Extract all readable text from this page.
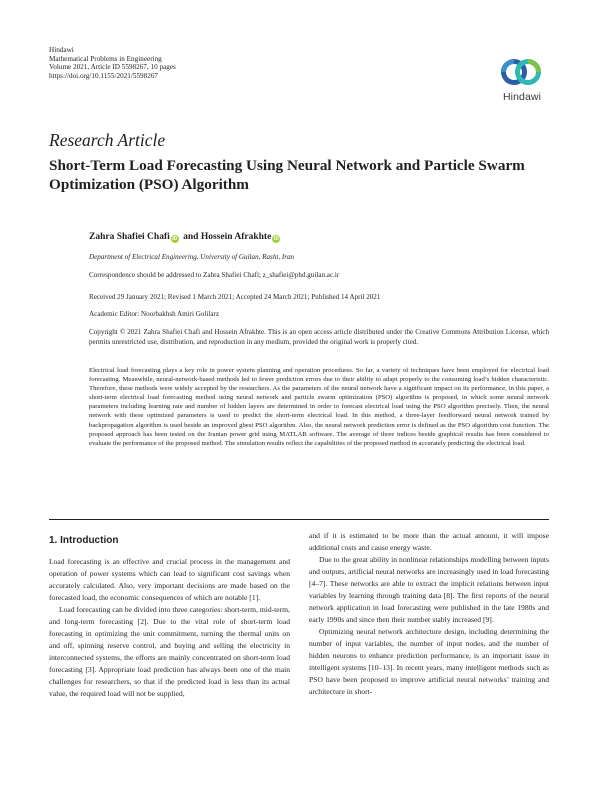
Hindawi
Mathematical Problems in Engineering
Volume 2021, Article ID 5598267, 10 pages
https://doi.org/10.1155/2021/5598267
Hindawi
Research Article
Short-Term Load Forecasting Using Neural Network and Particle Swarm Optimization (PSO) Algorithm
Zahra Shafiei Chafi iD and Hossein Afrakhte iD
Department of Electrical Engineering, University of Guilan, Rasht, Iran
Correspondence should be addressed to Zahra Shafiei Chafi; z_shafiei@phd.guilan.ac.ir
Received 29 January 2021; Revised 1 March 2021; Accepted 24 March 2021; Published 14 April 2021
Academic Editor: Noorbakhsh Amiri Golilarz
Copyright © 2021 Zahra Shafiei Chafi and Hossein Afrakhte. This is an open access article distributed under the Creative Commons Attribution License, which permits unrestricted use, distribution, and reproduction in any medium, provided the original work is properly cited.
Electrical load forecasting plays a key role in power system planning and operation procedures. So far, a variety of techniques have been employed for electrical load forecasting. Meanwhile, neural-network-based methods led to fewer prediction errors due to their ability to adapt properly to the consuming load’s hidden characteristic. Therefore, these methods were widely accepted by the researchers. As the parameters of the neural network have a significant impact on its performance, in this paper, a short-term electrical load forecasting method using neural network and particle swarm optimization (PSO) algorithm is proposed, in which some neural network parameters including learning rate and number of hidden layers are determined in order to forecast electrical load using the PSO algorithm precisely. Then, the neural network with these optimized parameters is used to predict the short-term electrical load. In this method, a three-layer feedforward neural network trained by backpropagation algorithm is used beside an improved gbest PSO algorithm. Also, the neural network prediction error is defined as the PSO algorithm cost function. The proposed approach has been tested on the Iranian power grid using MATLAB software. The average of three indices beside graphical results has been considered to evaluate the performance of the proposed method. The simulation results reflect the capabilities of the proposed method in accurately predicting the electrical load.
1. Introduction

Load forecasting is an effective and crucial process in the management and operation of power systems which can lead to significant cost savings when accurately calculated. Also, very important decisions are made based on the forecasted load, the economic consequences of which are notable [1].

Load forecasting can be divided into three categories: short-term, mid-term, and long-term forecasting [2]. Due to the vital role of short-term load forecasting in optimizing the unit commitment, turning the thermal units on and off, spinning reserve control, and buying and selling the electricity in interconnected systems, the efforts are mainly concentrated on short-term load forecasting [3]. Appropriate load prediction has always been one of the main challenges for researchers, so that if the predicted load is less than its actual value, the required load will not be supplied,

and if it is estimated to be more than the actual amount, it will impose additional costs and cause energy waste.

Due to the great ability in nonlinear relationships modelling between inputs and outputs, artificial neural networks are increasingly used in load forecasting [4–7]. These networks are able to extract the implicit relations between input variables by learning through training data [8]. The first reports of the neural network application in load forecasting were published in the late 1980s and early 1990s and since then their number stably increased [9].

Optimizing neural network architecture design, including determining the number of input variables, the number of input nodes, and the number of hidden neurons to enhance prediction performance, is an important issue in intelligent systems [10–13]. In recent years, many intelligent methods such as PSO have been proposed to improve artificial neural networks’ training and architecture in short-
